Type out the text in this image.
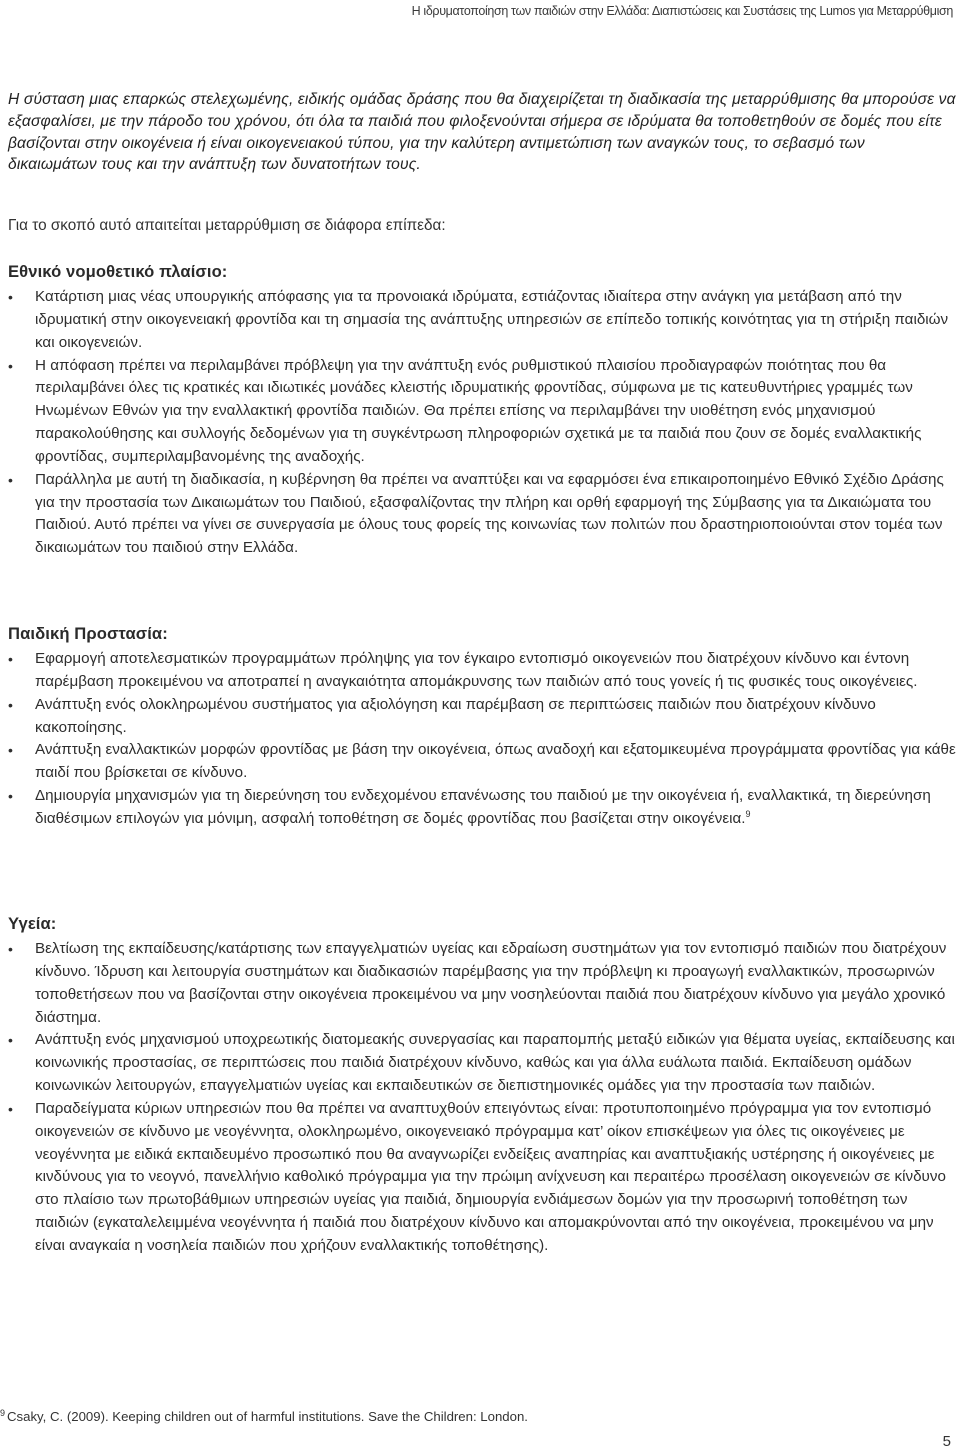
Η ιδρυματοποίηση των παιδιών στην Ελλάδα: Διαπιστώσεις και Συστάσεις της Lumos για Μεταρρύθμιση

Η σύσταση μιας επαρκώς στελεχωμένης, ειδικής ομάδας δράσης που θα διαχειρίζεται τη διαδικασία της μεταρρύθμισης θα μπορούσε να εξασφαλίσει, με την πάροδο του χρόνου, ότι όλα τα παιδιά που φιλοξενούνται σήμερα σε ιδρύματα θα τοποθετηθούν σε δομές που είτε βασίζονται στην οικογένεια ή είναι οικογενειακού τύπου, για την καλύτερη αντιμετώπιση των αναγκών τους, το σεβασμό των δικαιωμάτων τους και την ανάπτυξη των δυνατοτήτων τους.

Για το σκοπό αυτό απαιτείται μεταρρύθμιση σε διάφορα επίπεδα:

Εθνικό νομοθετικό πλαίσιο:
• Κατάρτιση μιας νέας υπουργικής απόφασης για τα προνοιακά ιδρύματα, εστιάζοντας ιδιαίτερα στην ανάγκη για μετάβαση από την ιδρυματική στην οικογενειακή φροντίδα και τη σημασία της ανάπτυξης υπηρεσιών σε επίπεδο τοπικής κοινότητας για τη στήριξη παιδιών και οικογενειών.
• Η απόφαση πρέπει να περιλαμβάνει πρόβλεψη για την ανάπτυξη ενός ρυθμιστικού πλαισίου προδιαγραφών ποιότητας που θα περιλαμβάνει όλες τις κρατικές και ιδιωτικές μονάδες κλειστής ιδρυματικής φροντίδας, σύμφωνα με τις κατευθυντήριες γραμμές των Ηνωμένων Εθνών για την εναλλακτική φροντίδα παιδιών. Θα πρέπει επίσης να περιλαμβάνει την υιοθέτηση ενός μηχανισμού παρακολούθησης και συλλογής δεδομένων για τη συγκέντρωση πληροφοριών σχετικά με τα παιδιά που ζουν σε δομές εναλλακτικής φροντίδας, συμπεριλαμβανομένης της αναδοχής.
• Παράλληλα με αυτή τη διαδικασία, η κυβέρνηση θα πρέπει να αναπτύξει και να εφαρμόσει ένα επικαιροποιημένο Εθνικό Σχέδιο Δράσης για την προστασία των Δικαιωμάτων του Παιδιού, εξασφαλίζοντας την πλήρη και ορθή εφαρμογή της Σύμβασης για τα Δικαιώματα του Παιδιού. Αυτό πρέπει να γίνει σε συνεργασία με όλους τους φορείς της κοινωνίας των πολιτών που δραστηριοποιούνται στον τομέα των δικαιωμάτων του παιδιού στην Ελλάδα.
Παιδική Προστασία:
• Εφαρμογή αποτελεσματικών προγραμμάτων πρόληψης για τον έγκαιρο εντοπισμό οικογενειών που διατρέχουν κίνδυνο και έντονη παρέμβαση προκειμένου να αποτραπεί η αναγκαιότητα απομάκρυνσης των παιδιών από τους γονείς ή τις φυσικές τους οικογένειες.
• Ανάπτυξη ενός ολοκληρωμένου συστήματος για αξιολόγηση και παρέμβαση σε περιπτώσεις παιδιών που διατρέχουν κίνδυνο κακοποίησης.
• Ανάπτυξη εναλλακτικών μορφών φροντίδας με βάση την οικογένεια, όπως αναδοχή και εξατομικευμένα προγράμματα φροντίδας για κάθε παιδί που βρίσκεται σε κίνδυνο.
• Δημιουργία μηχανισμών για τη διερεύνηση του ενδεχομένου επανένωσης του παιδιού με την οικογένεια ή, εναλλακτικά, τη διερεύνηση διαθέσιμων επιλογών για μόνιμη, ασφαλή τοποθέτηση σε δομές φροντίδας που βασίζεται στην οικογένεια.$^9$
Υγεία:
• Βελτίωση της εκπαίδευσης/κατάρτισης των επαγγελματιών υγείας και εδραίωση συστημάτων για τον εντοπισμό παιδιών που διατρέχουν κίνδυνο. Ίδρυση και λειτουργία συστημάτων και διαδικασιών παρέμβασης για την πρόβλεψη κι προαγωγή εναλλακτικών, προσωρινών τοποθετήσεων που να βασίζονται στην οικογένεια προκειμένου να μην νοσηλεύονται παιδιά που διατρέχουν κίνδυνο για μεγάλο χρονικό διάστημα.
• Ανάπτυξη ενός μηχανισμού υποχρεωτικής διατομεακής συνεργασίας και παραπομπής μεταξύ ειδικών για θέματα υγείας, εκπαίδευσης και κοινωνικής προστασίας, σε περιπτώσεις που παιδιά διατρέχουν κίνδυνο, καθώς και για άλλα ευάλωτα παιδιά. Εκπαίδευση ομάδων κοινωνικών λειτουργών, επαγγελματιών υγείας και εκπαιδευτικών σε διεπιστημονικές ομάδες για την προστασία των παιδιών.
• Παραδείγματα κύριων υπηρεσιών που θα πρέπει να αναπτυχθούν επειγόντως είναι: προτυποποιημένο πρόγραμμα για τον εντοπισμό οικογενειών σε κίνδυνο με νεογέννητα, ολοκληρωμένο, οικογενειακό πρόγραμμα κατ’ οίκον επισκέψεων για όλες τις οικογένειες με νεογέννητα με ειδικά εκπαιδευμένο προσωπικό που θα αναγνωρίζει ενδείξεις αναπηρίας και αναπτυξιακής υστέρησης ή οικογένειες με κινδύνους για το νεογνό, πανελλήνιο καθολικό πρόγραμμα για την πρώιμη ανίχνευση και περαιτέρω προσέλαση οικογενειών σε κίνδυνο στο πλαίσιο των πρωτοβάθμιων υπηρεσιών υγείας για παιδιά, δημιουργία ενδιάμεσων δομών για την προσωρινή τοποθέτηση των παιδιών (εγκαταλελειμμένα νεογέννητα ή παιδιά που διατρέχουν κίνδυνο και απομακρύνονται από την οικογένεια, προκειμένου να μην είναι αναγκαία η νοσηλεία παιδιών που χρήζουν εναλλακτικής τοποθέτησης).
$^9$ Csaky, C. (2009). Keeping children out of harmful institutions. Save the Children: London.
5
